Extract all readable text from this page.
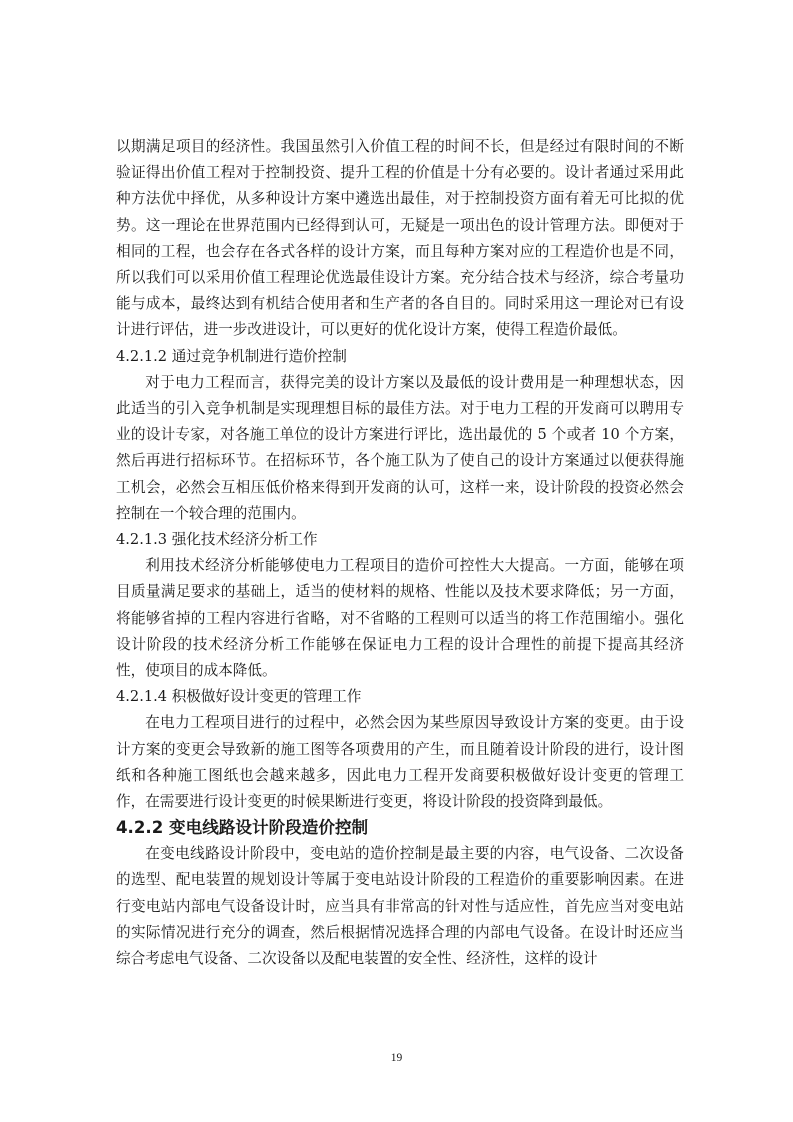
以期满足项目的经济性。我国虽然引入价值工程的时间不长，但是经过有限时间的不断验证得出价值工程对于控制投资、提升工程的价值是十分有必要的。设计者通过采用此种方法优中择优，从多种设计方案中遴选出最佳，对于控制投资方面有着无可比拟的优势。这一理论在世界范围内已经得到认可，无疑是一项出色的设计管理方法。即便对于相同的工程，也会存在各式各样的设计方案，而且每种方案对应的工程造价也是不同，所以我们可以采用价值工程理论优选最佳设计方案。充分结合技术与经济，综合考量功能与成本，最终达到有机结合使用者和生产者的各自目的。同时采用这一理论对已有设计进行评估，进一步改进设计，可以更好的优化设计方案，使得工程造价最低。

4.2.1.2 通过竞争机制进行造价控制

对于电力工程而言，获得完美的设计方案以及最低的设计费用是一种理想状态，因此适当的引入竞争机制是实现理想目标的最佳方法。对于电力工程的开发商可以聘用专业的设计专家，对各施工单位的设计方案进行评比，选出最优的 5 个或者 10 个方案，然后再进行招标环节。在招标环节，各个施工队为了使自己的设计方案通过以便获得施工机会，必然会互相压低价格来得到开发商的认可，这样一来，设计阶段的投资必然会控制在一个较合理的范围内。

4.2.1.3 强化技术经济分析工作

利用技术经济分析能够使电力工程项目的造价可控性大大提高。一方面，能够在项目质量满足要求的基础上，适当的使材料的规格、性能以及技术要求降低；另一方面，将能够省掉的工程内容进行省略，对不省略的工程则可以适当的将工作范围缩小。强化设计阶段的技术经济分析工作能够在保证电力工程的设计合理性的前提下提高其经济性，使项目的成本降低。

4.2.1.4 积极做好设计变更的管理工作

在电力工程项目进行的过程中，必然会因为某些原因导致设计方案的变更。由于设计方案的变更会导致新的施工图等各项费用的产生，而且随着设计阶段的进行，设计图纸和各种施工图纸也会越来越多，因此电力工程开发商要积极做好设计变更的管理工作，在需要进行设计变更的时候果断进行变更，将设计阶段的投资降到最低。

4.2.2 变电线路设计阶段造价控制

在变电线路设计阶段中，变电站的造价控制是最主要的内容，电气设备、二次设备的选型、配电装置的规划设计等属于变电站设计阶段的工程造价的重要影响因素。在进行变电站内部电气设备设计时，应当具有非常高的针对性与适应性，首先应当对变电站的实际情况进行充分的调查，然后根据情况选择合理的内部电气设备。在设计时还应当综合考虑电气设备、二次设备以及配电装置的安全性、经济性，这样的设计

19
